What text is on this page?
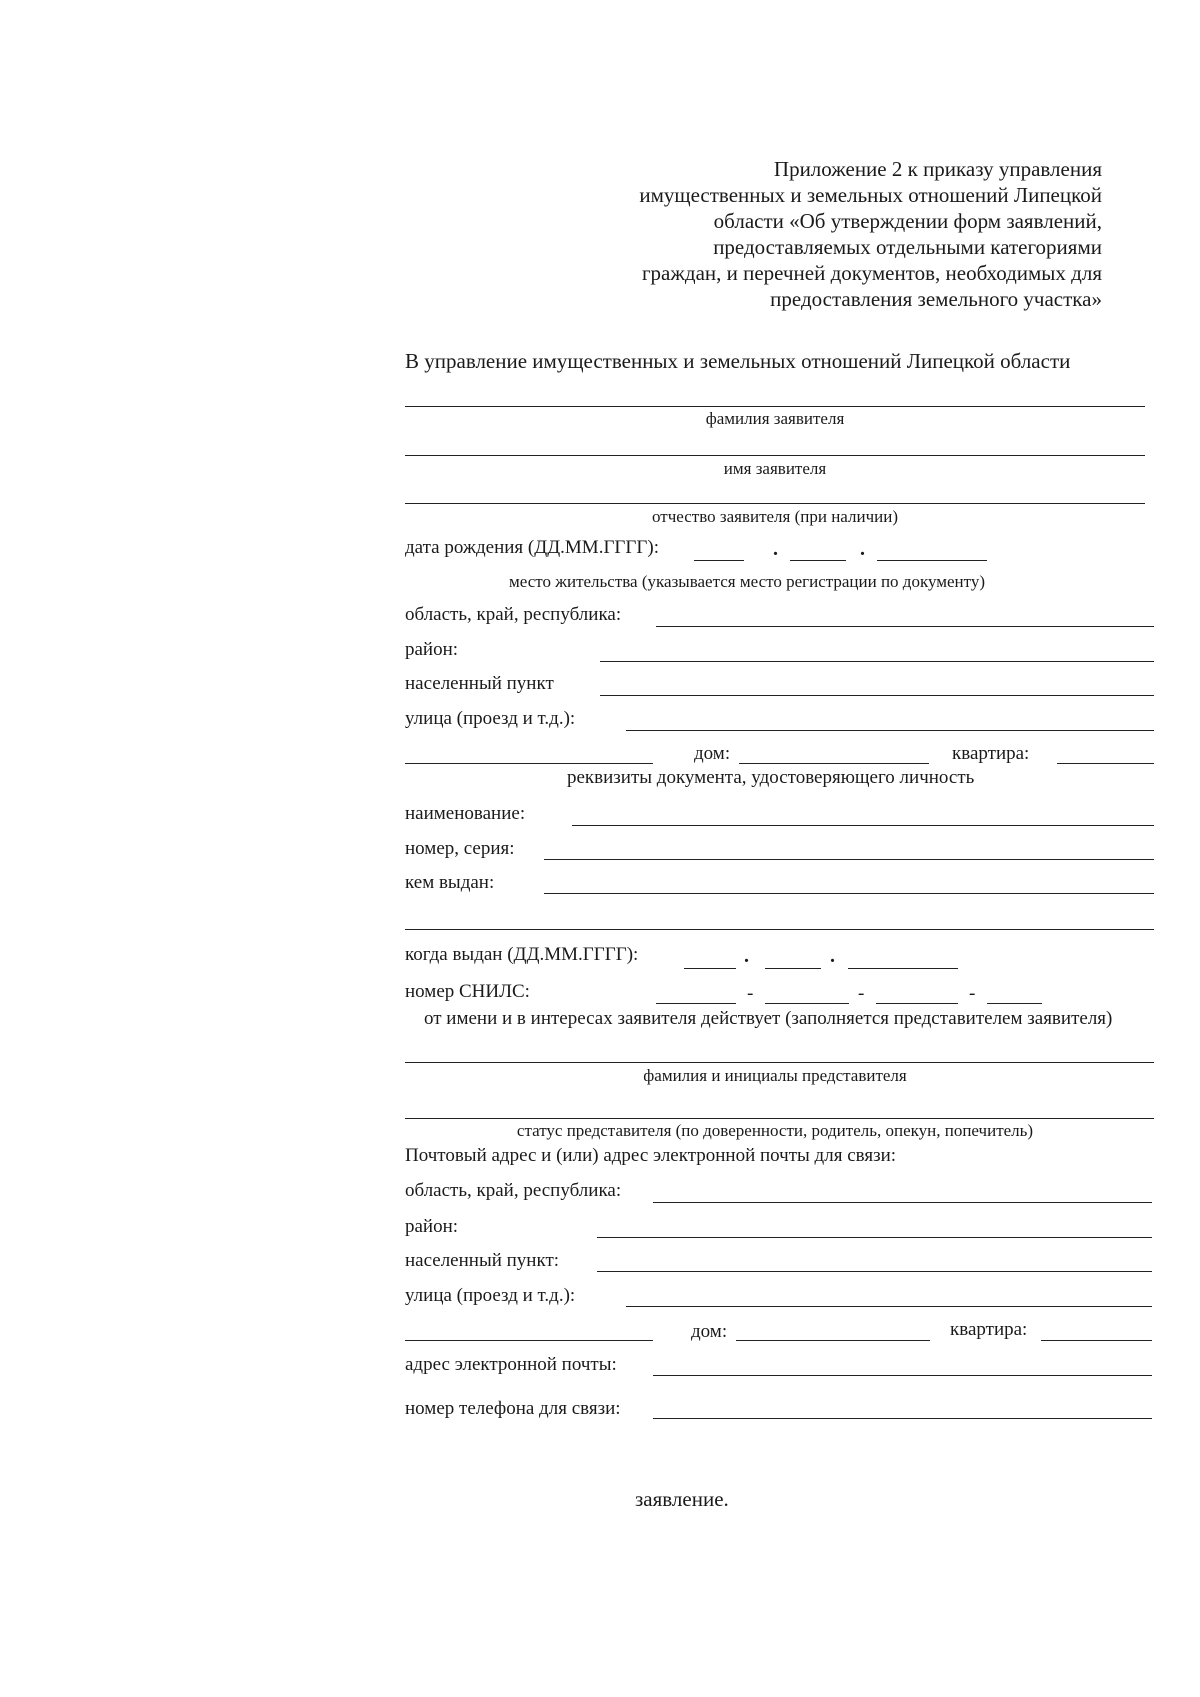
Приложение 2 к приказу управления
имущественных и земельных отношений Липецкой
области «Об утверждении форм заявлений,
предоставляемых отдельными категориями
граждан, и перечней документов, необходимых для
предоставления земельного участка»
В управление имущественных и земельных отношений Липецкой области
фамилия заявителя
имя заявителя
отчество заявителя (при наличии)
дата рождения (ДД.ММ.ГГГГ):	.	.
место жительства (указывается место регистрации по документу)
область, край, республика:
район:
населенный пункт
улица (проезд и т.д.):
дом:	квартира:
реквизиты документа, удостоверяющего личность
наименование:
номер, серия:
кем выдан:
когда выдан (ДД.ММ.ГГГГ):	.	.
номер СНИЛС:	-	-	-
от имени и в интересах заявителя действует (заполняется представителем заявителя)
фамилия и инициалы представителя
статус представителя (по доверенности, родитель, опекун, попечитель)
Почтовый адрес и (или) адрес электронной почты для связи:
область, край, республика:
район:
населенный пункт:
улица (проезд и т.д.):
дом:	квартира:
адрес электронной почты:
номер телефона для связи:
заявление.
